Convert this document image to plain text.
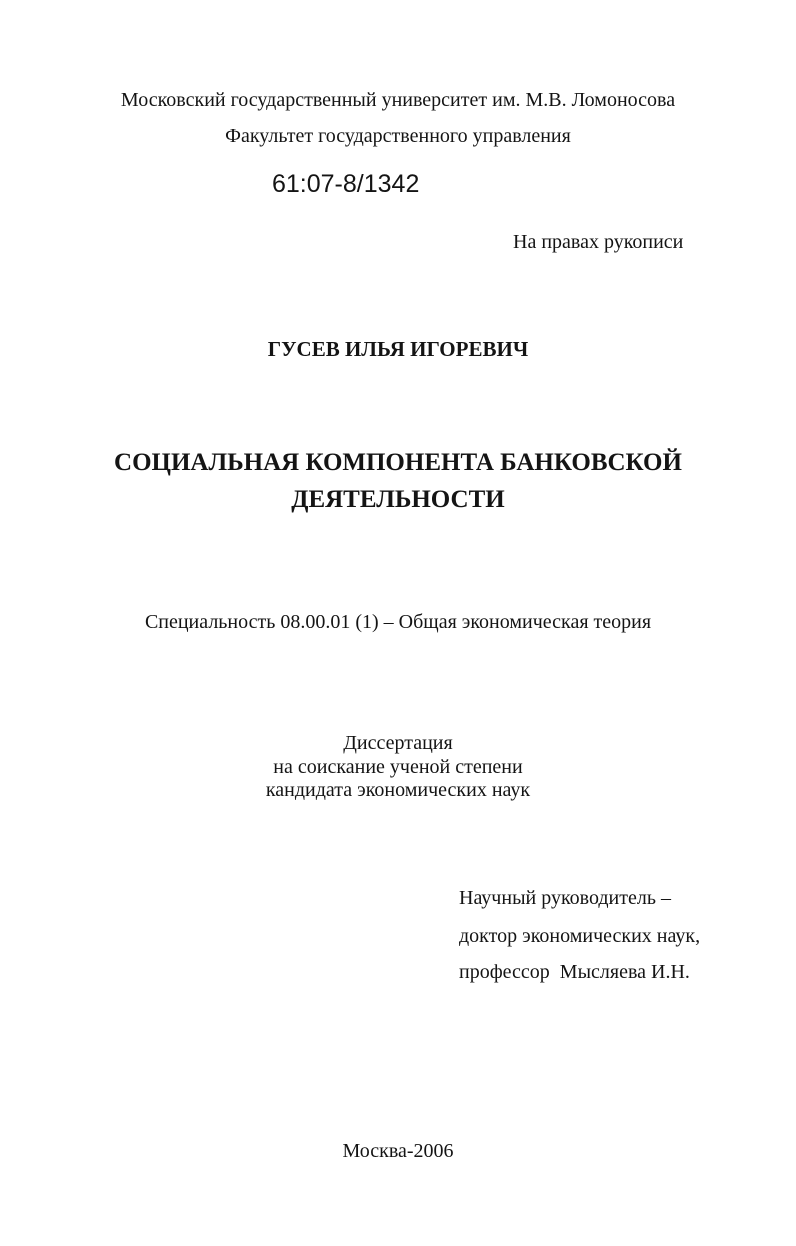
Московский государственный университет им. М.В. Ломоносова
Факультет государственного управления
61:07-8/1342
На правах рукописи
ГУСЕВ ИЛЬЯ ИГОРЕВИЧ
СОЦИАЛЬНАЯ КОМПОНЕНТА БАНКОВСКОЙ
ДЕЯТЕЛЬНОСТИ
Специальность 08.00.01 (1) – Общая экономическая теория
Диссертация
на соискание ученой степени
кандидата экономических наук
Научный руководитель –
доктор экономических наук,
профессор  Мысляева И.Н.
Москва-2006
